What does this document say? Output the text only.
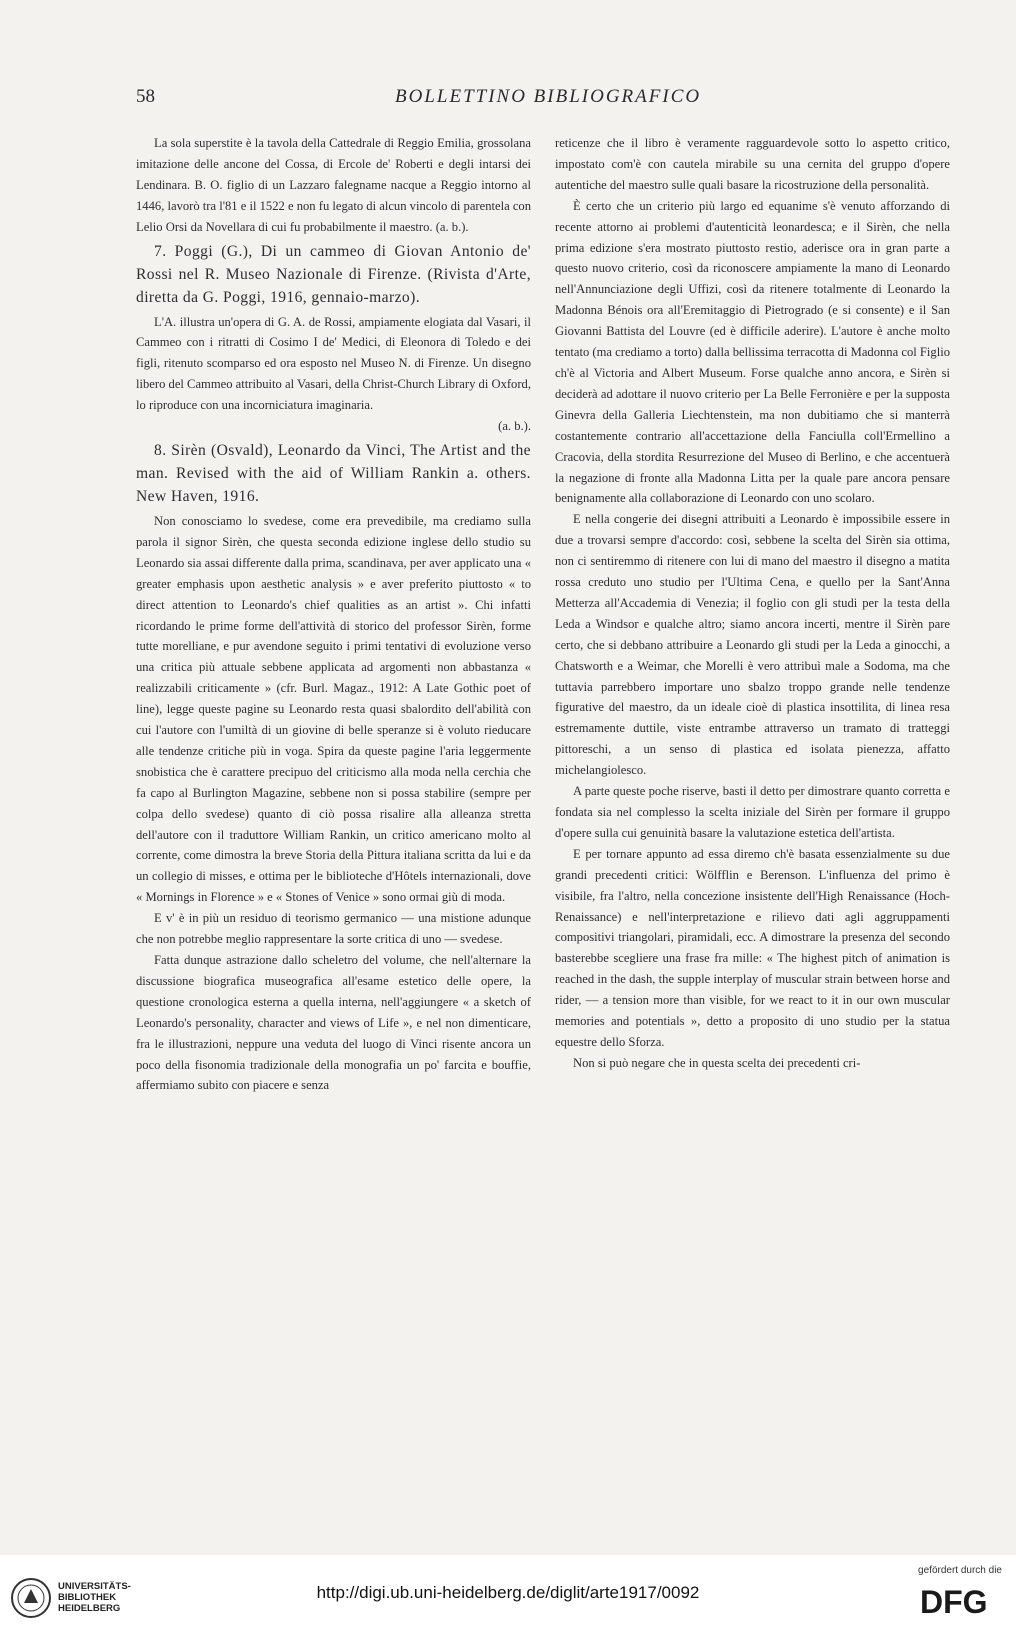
58	BOLLETTINO BIBLIOGRAFICO

La sola superstite è la tavola della Cattedrale di Reggio Emilia, grossolana imitazione delle ancone del Cossa, di Ercole de' Roberti e degli intarsi dei Lendinara. B. O. figlio di un Lazzaro falegname nacque a Reggio intorno al 1446, lavorò tra l'81 e il 1522 e non fu legato di alcun vincolo di parentela con Lelio Orsi da Novellara di cui fu probabilmente il maestro. (a. b.).

7. Poggi (G.), Di un cammeo di Giovan Antonio de' Rossi nel R. Museo Nazionale di Firenze. (Rivista d'Arte, diretta da G. Poggi, 1916, gennaio-marzo).

L'A. illustra un'opera di G. A. de Rossi, ampiamente elogiata dal Vasari, il Cammeo con i ritratti di Cosimo I de' Medici, di Eleonora di Toledo e dei figli, ritenuto scomparso ed ora esposto nel Museo N. di Firenze. Un disegno libero del Cammeo attribuito al Vasari, della Christ-Church Library di Oxford, lo riproduce con una incorniciatura imaginaria.

(a. b.).

8. Sirèn (Osvald), Leonardo da Vinci, The Artist and the man. Revised with the aid of William Rankin a. others. New Haven, 1916.

Non conosciamo lo svedese, come era prevedibile, ma crediamo sulla parola il signor Sirèn, che questa seconda edizione inglese dello studio su Leonardo sia assai differente dalla prima, scandinava, per aver applicato una « greater emphasis upon aesthetic analysis » e aver preferito piuttosto « to direct attention to Leonardo's chief qualities as an artist ». Chi infatti ricordando le prime forme dell'attività di storico del professor Sirèn, forme tutte morelliane, e pur avendone seguito i primi tentativi di evoluzione verso una critica più attuale sebbene applicata ad argomenti non abbastanza « realizzabili criticamente » (cfr. Burl. Magaz., 1912: A Late Gothic poet of line), legge queste pagine su Leonardo resta quasi sbalordito dell'abilità con cui l'autore con l'umiltà di un giovine di belle speranze si è voluto rieducare alle tendenze critiche più in voga. Spira da queste pagine l'aria leggermente snobistica che è carattere precipuo del criticismo alla moda nella cerchia che fa capo al Burlington Magazine, sebbene non si possa stabilire (sempre per colpa dello svedese) quanto di ciò possa risalire alla alleanza stretta dell'autore con il traduttore William Rankin, un critico americano molto al corrente, come dimostra la breve Storia della Pittura italiana scritta da lui e da un collegio di misses, e ottima per le biblioteche d'Hôtels internazionali, dove « Mornings in Florence » e « Stones of Venice » sono ormai giù di moda.

E v' è in più un residuo di teorismo germanico — una mistione adunque che non potrebbe meglio rappresentare la sorte critica di uno — svedese.

Fatta dunque astrazione dallo scheletro del volume, che nell'alternare la discussione biografica museografica all'esame estetico delle opere, la questione cronologica esterna a quella interna, nell'aggiungere « a sketch of Leonardo's personality, character and views of Life », e nel non dimenticare, fra le illustrazioni, neppure una veduta del luogo di Vinci risente ancora un poco della fisonomia tradizionale della monografia un po' farcita e bouffie, affermiamo subito con piacere e senza

reticenze che il libro è veramente ragguardevole sotto lo aspetto critico, impostato com'è con cautela mirabile su una cernita del gruppo d'opere autentiche del maestro sulle quali basare la ricostruzione della personalità.

È certo che un criterio più largo ed equanime s'è venuto afforzando di recente attorno ai problemi d'autenticità leonardesca; e il Sirèn, che nella prima edizione s'era mostrato piuttosto restio, aderisce ora in gran parte a questo nuovo criterio, così da riconoscere ampiamente la mano di Leonardo nell'Annunciazione degli Uffizi, così da ritenere totalmente di Leonardo la Madonna Bénois ora all'Eremitaggio di Pietrogrado (e si consente) e il San Giovanni Battista del Louvre (ed è difficile aderire). L'autore è anche molto tentato (ma crediamo a torto) dalla bellissima terracotta di Madonna col Figlio ch'è al Victoria and Albert Museum. Forse qualche anno ancora, e Sirèn si deciderà ad adottare il nuovo criterio per La Belle Ferronière e per la supposta Ginevra della Galleria Liechtenstein, ma non dubitiamo che si manterrà costantemente contrario all'accettazione della Fanciulla coll'Ermellino a Cracovia, della stordita Resurrezione del Museo di Berlino, e che accentuerà la negazione di fronte alla Madonna Litta per la quale pare ancora pensare benignamente alla collaborazione di Leonardo con uno scolaro.

E nella congerie dei disegni attribuiti a Leonardo è impossibile essere in due a trovarsi sempre d'accordo: così, sebbene la scelta del Sirèn sia ottima, non ci sentiremmo di ritenere con lui di mano del maestro il disegno a matita rossa creduto uno studio per l'Ultima Cena, e quello per la Sant'Anna Metterza all'Accademia di Venezia; il foglio con gli studi per la testa della Leda a Windsor e qualche altro; siamo ancora incerti, mentre il Sirèn pare certo, che si debbano attribuire a Leonardo gli studi per la Leda a ginocchi, a Chatsworth e a Weimar, che Morelli è vero attribuì male a Sodoma, ma che tuttavia parrebbero importare uno sbalzo troppo grande nelle tendenze figurative del maestro, da un ideale cioè di plastica insottilita, di linea resa estremamente duttile, viste entrambe attraverso un tramato di tratteggi pittoreschi, a un senso di plastica ed isolata pienezza, affatto michelangiolesco.

A parte queste poche riserve, basti il detto per dimostrare quanto corretta e fondata sia nel complesso la scelta iniziale del Sirèn per formare il gruppo d'opere sulla cui genuinità basare la valutazione estetica dell'artista.

E per tornare appunto ad essa diremo ch'è basata essenzialmente su due grandi precedenti critici: Wölfflin e Berenson. L'influenza del primo è visibile, fra l'altro, nella concezione insistente dell'High Renaissance (Hoch-Renaissance) e nell'interpretazione e rilievo dati agli aggruppamenti compositivi triangolari, piramidali, ecc. A dimostrare la presenza del secondo basterebbe scegliere una frase fra mille: « The highest pitch of animation is reached in the dash, the supple interplay of muscular strain between horse and rider, — a tension more than visible, for we react to it in our own muscular memories and potentials », detto a proposito di uno studio per la statua equestre dello Sforza.

Non si può negare che in questa scelta dei precedenti cri-

UNIVERSITÄTS-
BIBLIOTHEK
HEIDELBERG
http://digi.ub.uni-heidelberg.de/diglit/arte1917/0092
gefördert durch die
DFG
